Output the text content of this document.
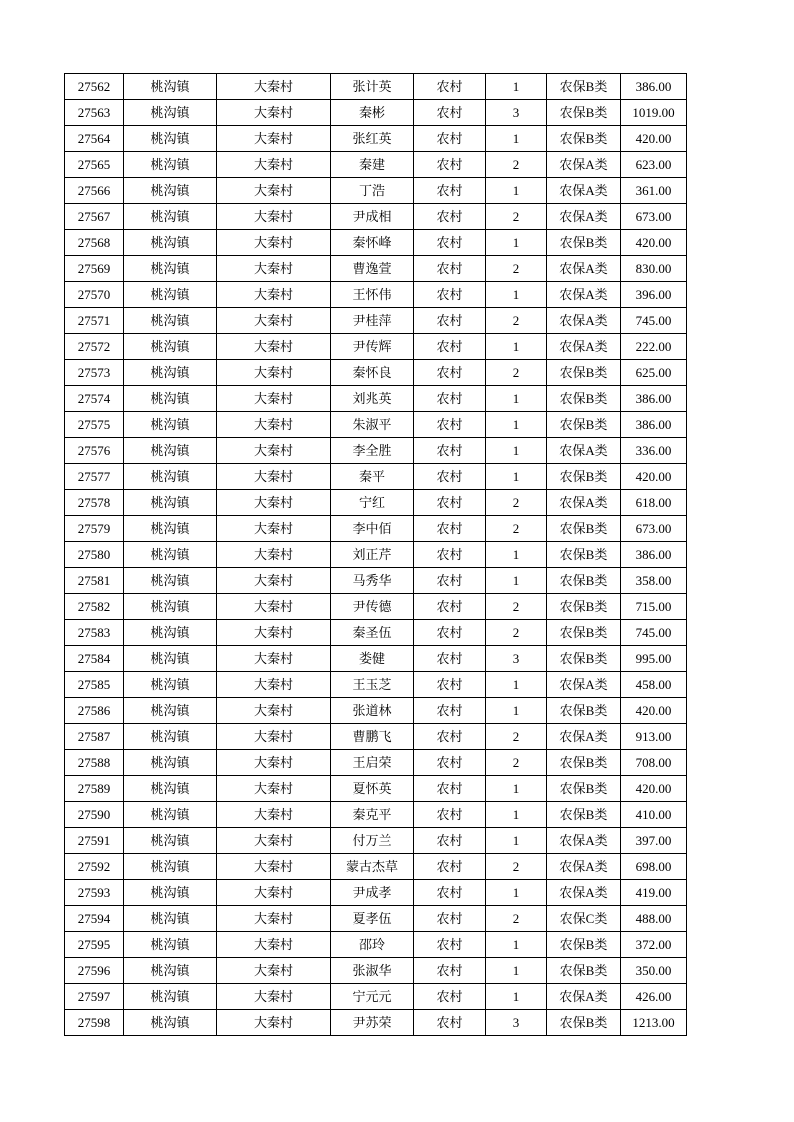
27562	桃沟镇	大秦村	张计英	农村	1	农保B类	386.00
27563	桃沟镇	大秦村	秦彬	农村	3	农保B类	1019.00
27564	桃沟镇	大秦村	张红英	农村	1	农保B类	420.00
27565	桃沟镇	大秦村	秦建	农村	2	农保A类	623.00
27566	桃沟镇	大秦村	丁浩	农村	1	农保A类	361.00
27567	桃沟镇	大秦村	尹成相	农村	2	农保A类	673.00
27568	桃沟镇	大秦村	秦怀峰	农村	1	农保B类	420.00
27569	桃沟镇	大秦村	曹逸萱	农村	2	农保A类	830.00
27570	桃沟镇	大秦村	王怀伟	农村	1	农保A类	396.00
27571	桃沟镇	大秦村	尹桂萍	农村	2	农保A类	745.00
27572	桃沟镇	大秦村	尹传辉	农村	1	农保A类	222.00
27573	桃沟镇	大秦村	秦怀良	农村	2	农保B类	625.00
27574	桃沟镇	大秦村	刘兆英	农村	1	农保B类	386.00
27575	桃沟镇	大秦村	朱淑平	农村	1	农保B类	386.00
27576	桃沟镇	大秦村	李全胜	农村	1	农保A类	336.00
27577	桃沟镇	大秦村	秦平	农村	1	农保B类	420.00
27578	桃沟镇	大秦村	宁红	农村	2	农保A类	618.00
27579	桃沟镇	大秦村	李中佰	农村	2	农保B类	673.00
27580	桃沟镇	大秦村	刘正芹	农村	1	农保B类	386.00
27581	桃沟镇	大秦村	马秀华	农村	1	农保B类	358.00
27582	桃沟镇	大秦村	尹传德	农村	2	农保B类	715.00
27583	桃沟镇	大秦村	秦圣伍	农村	2	农保B类	745.00
27584	桃沟镇	大秦村	娄健	农村	3	农保B类	995.00
27585	桃沟镇	大秦村	王玉芝	农村	1	农保A类	458.00
27586	桃沟镇	大秦村	张道林	农村	1	农保B类	420.00
27587	桃沟镇	大秦村	曹鹏飞	农村	2	农保A类	913.00
27588	桃沟镇	大秦村	王启荣	农村	2	农保B类	708.00
27589	桃沟镇	大秦村	夏怀英	农村	1	农保B类	420.00
27590	桃沟镇	大秦村	秦克平	农村	1	农保B类	410.00
27591	桃沟镇	大秦村	付万兰	农村	1	农保A类	397.00
27592	桃沟镇	大秦村	蒙古杰草	农村	2	农保A类	698.00
27593	桃沟镇	大秦村	尹成孝	农村	1	农保A类	419.00
27594	桃沟镇	大秦村	夏孝伍	农村	2	农保C类	488.00
27595	桃沟镇	大秦村	邵玲	农村	1	农保B类	372.00
27596	桃沟镇	大秦村	张淑华	农村	1	农保B类	350.00
27597	桃沟镇	大秦村	宁元元	农村	1	农保A类	426.00
27598	桃沟镇	大秦村	尹苏荣	农村	3	农保B类	1213.00
